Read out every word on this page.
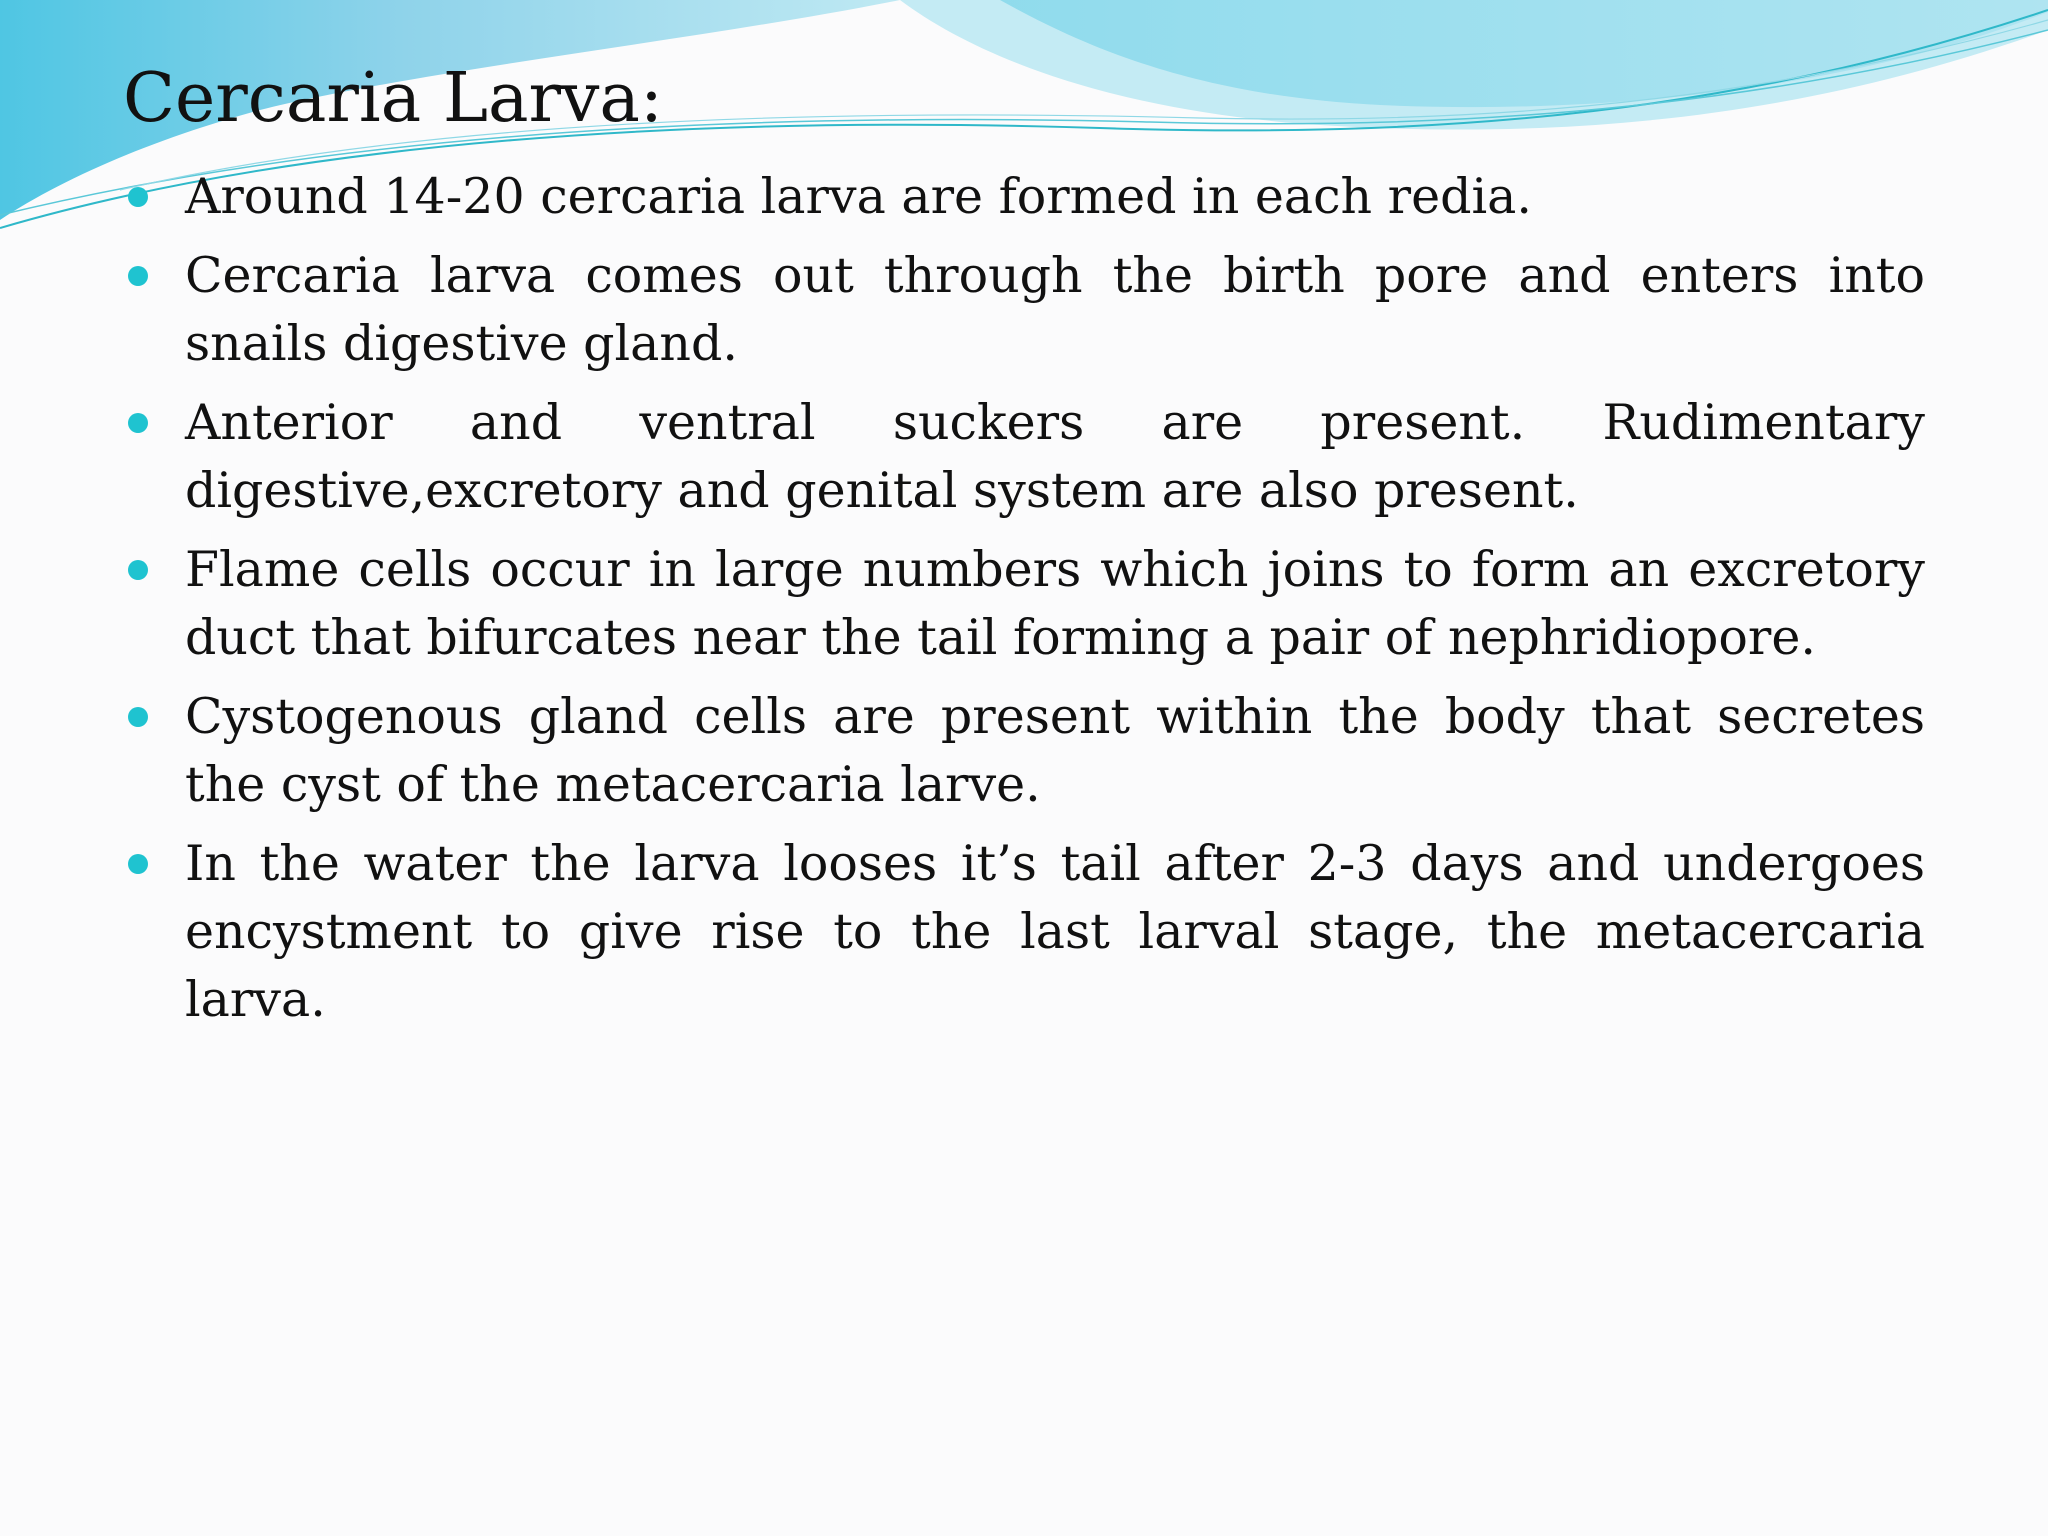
Cercaria Larva:
Around 14-20 cercaria larva are formed in each redia.
Cercaria larva comes out through the birth pore and enters into snails digestive gland.
Anterior and ventral suckers are present. Rudimentary digestive,excretory and genital system are also present.
Flame cells occur in large numbers which joins to form an excretory duct that bifurcates near the tail forming a pair of nephridiopore.
Cystogenous gland cells are present within the body that secretes the cyst of the metacercaria larve.
In the water the larva looses it’s tail after 2-3 days and undergoes encystment to give rise to the last larval stage, the metacercaria larva.
